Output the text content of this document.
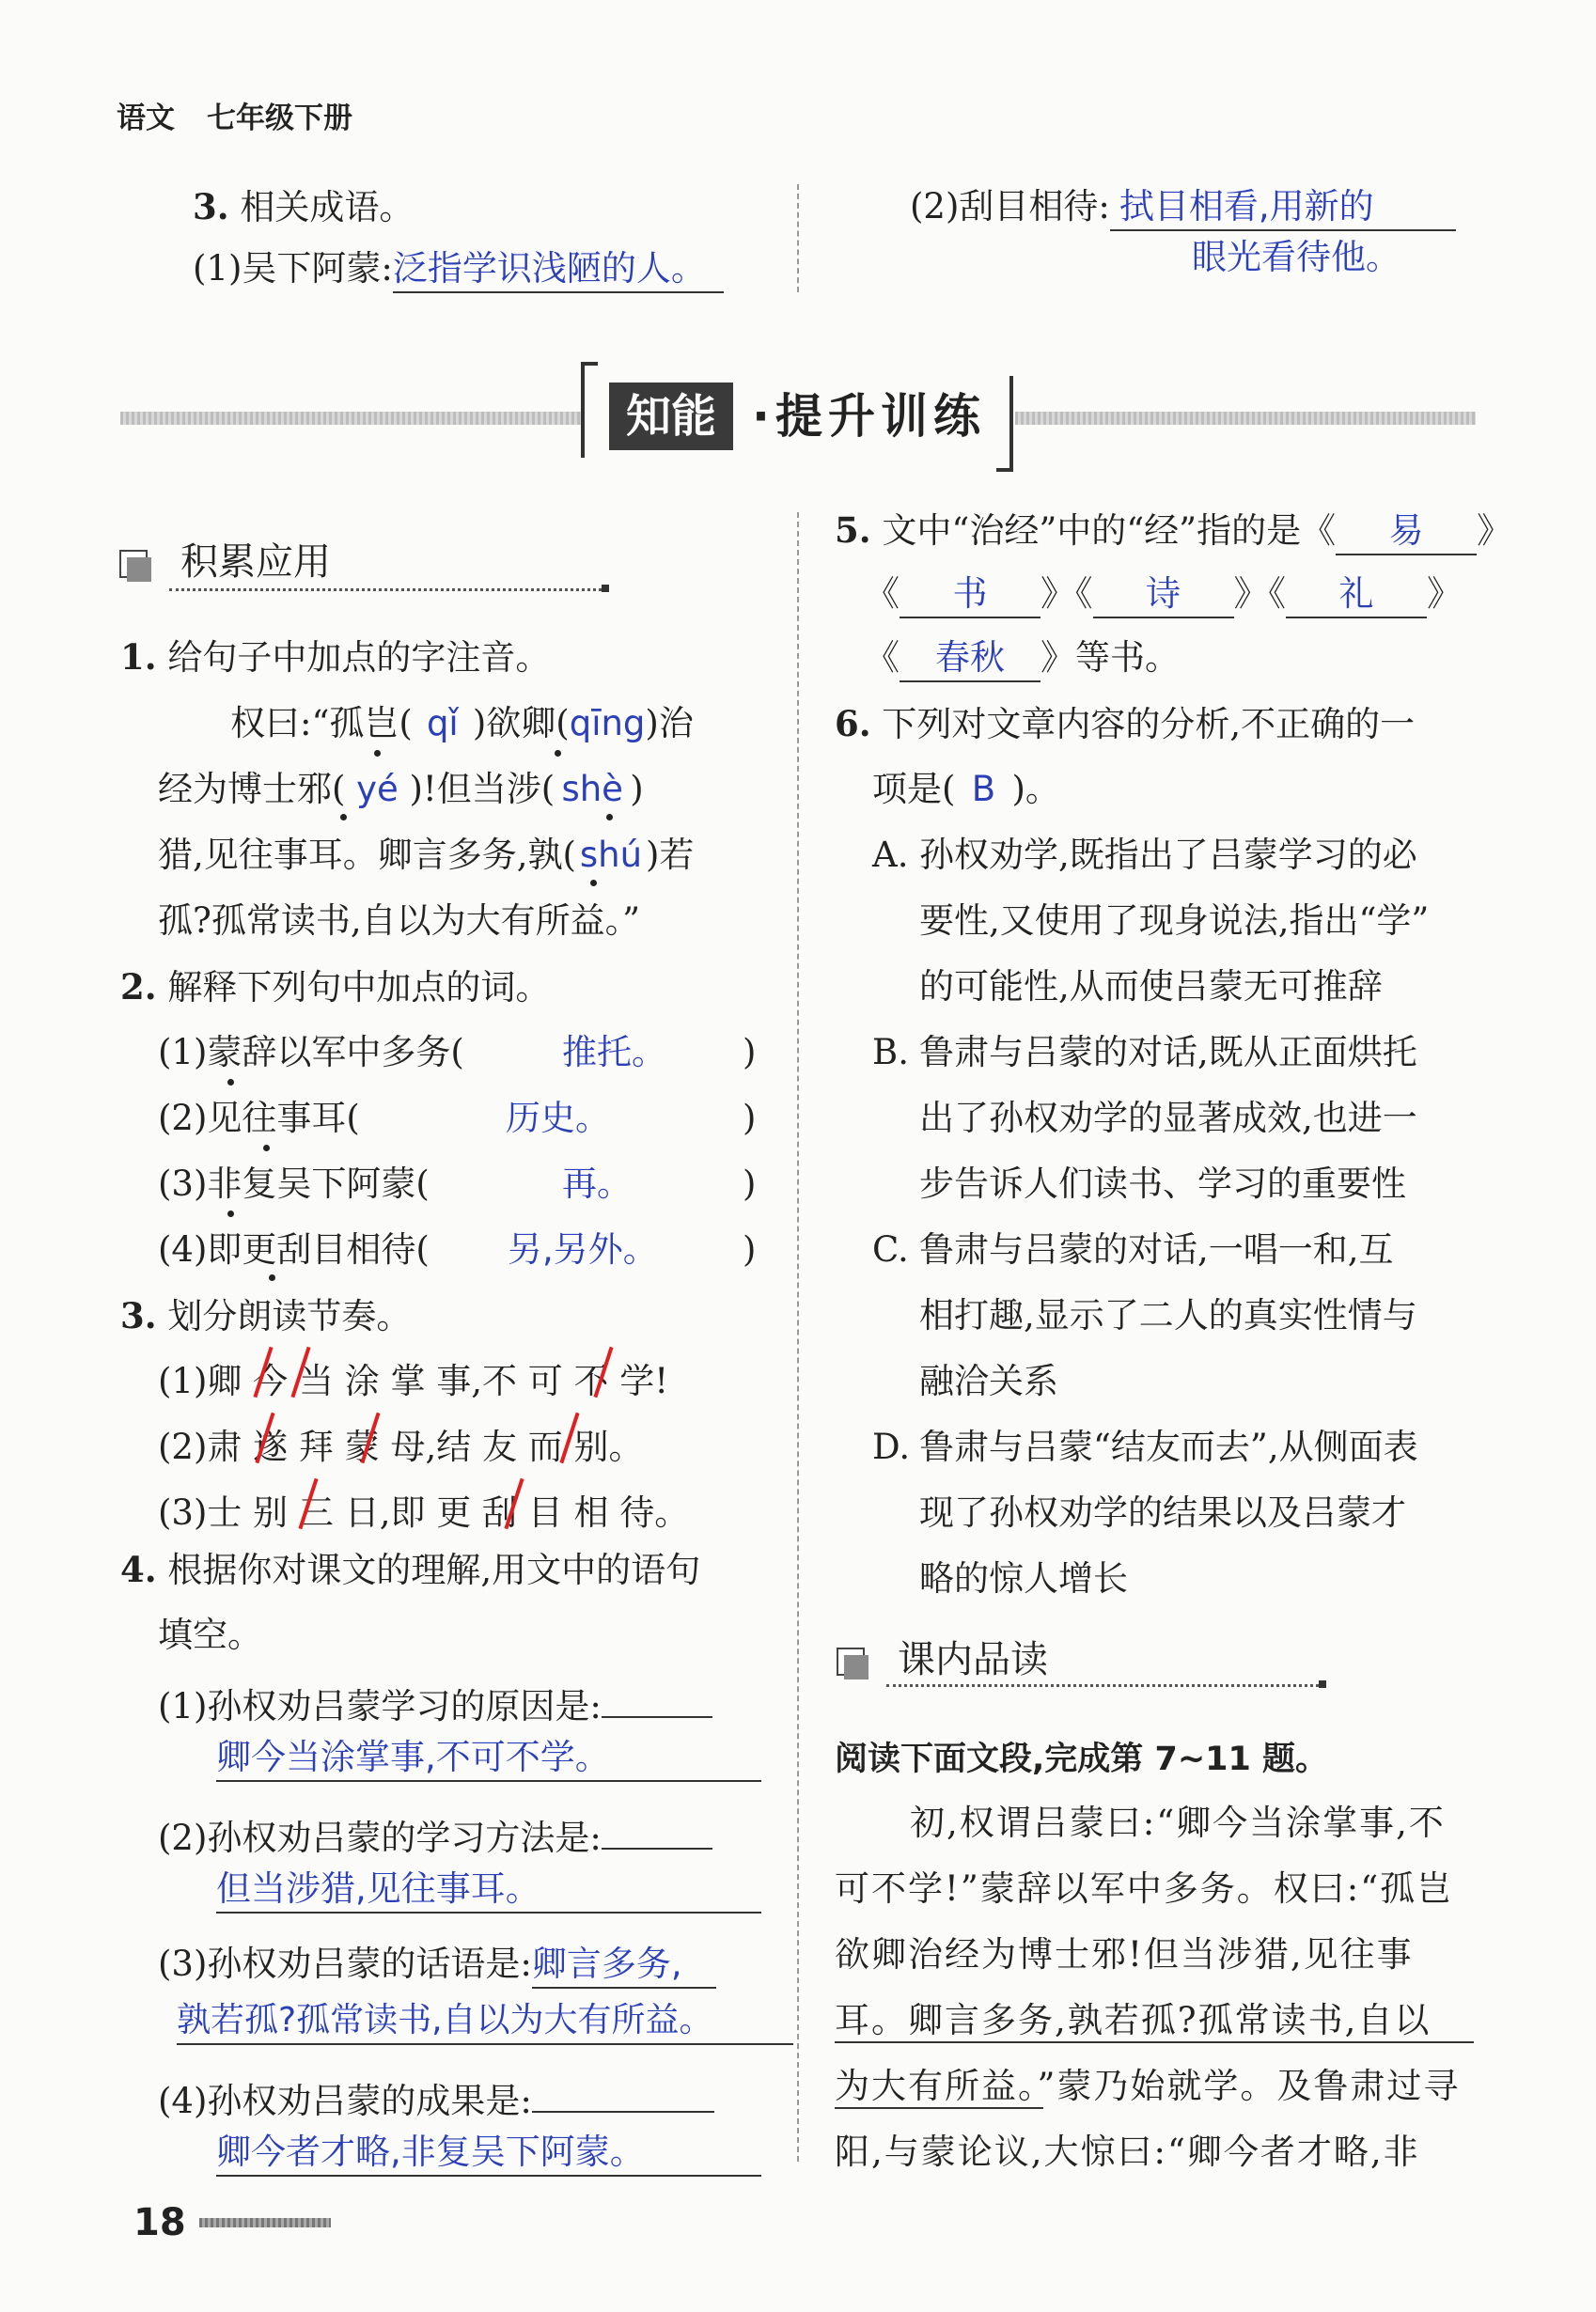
语文 七年级下册
3. 相关成语。
(1)吴下阿蒙:泛指学识浅陋的人。
(2)刮目相待: 拭目相看,用新的
眼光看待他。
知能 ·提升训练
积累应用
1. 给句子中加点的字注音。
权曰:“孤岂( qǐ )欲卿(qīng)治
经为博士邪( yé )!但当涉( shè )
猎,见往事耳。卿言多务,孰( shú )若
孤?孤常读书,自以为大有所益。”
2. 解释下列句中加点的词。
(1)蒙辞以军中多务(	推托。 )
(2)见往事耳(	历史。	)
(3)非复吴下阿蒙(	再。	)
(4)即更刮目相待( 另,另外。 )
3. 划分朗读节奏。
(1)卿 今 当 涂 掌 事,不 可 不 学!
(2)肃 遂 拜 蒙 母,结 友 而 别。
(3)士 别 三 日,即 更 刮 目 相 待。
4. 根据你对课文的理解,用文中的语句
填空。
(1)孙权劝吕蒙学习的原因是:
卿今当涂掌事,不可不学。
(2)孙权劝吕蒙的学习方法是:
但当涉猎,见往事耳。
(3)孙权劝吕蒙的话语是:卿言多务,
孰若孤?孤常读书,自以为大有所益。
(4)孙权劝吕蒙的成果是:
卿今者才略,非复吴下阿蒙。
5. 文中“治经”中的“经”指的是《 易 》
《 书 》《 诗 》《 礼 》
《 春秋 》等书。
6. 下列对文章内容的分析,不正确的一
项是( B )。
A. 孙权劝学,既指出了吕蒙学习的必
要性,又使用了现身说法,指出“学”
的可能性,从而使吕蒙无可推辞
B. 鲁肃与吕蒙的对话,既从正面烘托
出了孙权劝学的显著成效,也进一
步告诉人们读书、学习的重要性
C. 鲁肃与吕蒙的对话,一唱一和,互
相打趣,显示了二人的真实性情与
融洽关系
D. 鲁肃与吕蒙“结友而去”,从侧面表
现了孙权劝学的结果以及吕蒙才
略的惊人增长
课内品读
阅读下面文段,完成第 7~11 题。
初,权谓吕蒙曰:“卿今当涂掌事,不
可不学!”蒙辞以军中多务。权曰:“孤岂
欲卿治经为博士邪!但当涉猎,见往事
耳。卿言多务,孰若孤?孤常读书,自以
为大有所益。”蒙乃始就学。及鲁肃过寻
阳,与蒙论议,大惊曰:“卿今者才略,非
18
